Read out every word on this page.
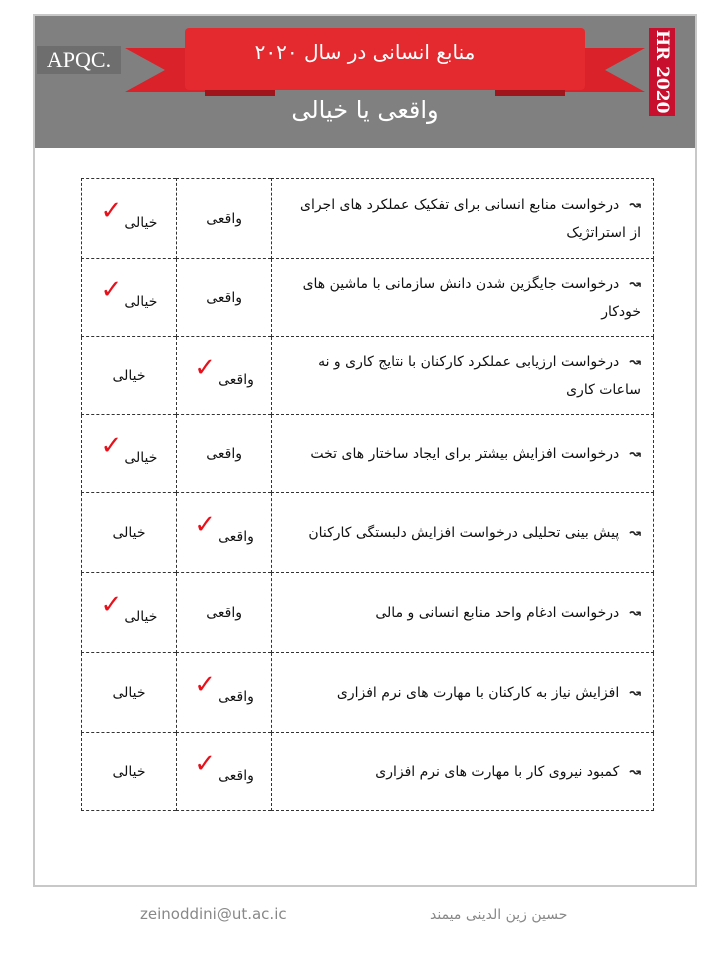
APQC.	منابع انسانی در سال ۲۰۲۰
واقعی یا خیالی	HR 2020
↝درخواست منابع انسانی برای تفکیک عملکرد های اجرای از استراتژیک	واقعی	خیالی✓
↝درخواست جایگزین شدن دانش سازمانی با ماشین های خودکار	واقعی	خیالی✓
↝درخواست ارزیابی عملکرد کارکنان با نتایج کاری و نه ساعات کاری	واقعی✓	خیالی
↝درخواست افزایش بیشتر برای ایجاد ساختار های تخت	واقعی	خیالی✓
↝پیش بینی تحلیلی درخواست افزایش دلبستگی کارکنان	واقعی✓	خیالی
↝درخواست ادغام واحد منابع انسانی و مالی	واقعی	خیالی✓
↝افزایش نیاز به کارکنان با مهارت های نرم افزاری	واقعی✓	خیالی
↝کمبود نیروی کار با مهارت های نرم افزاری	واقعی✓	خیالی
zeinoddini@ut.ac.ic	حسین زین الدینی میمند
